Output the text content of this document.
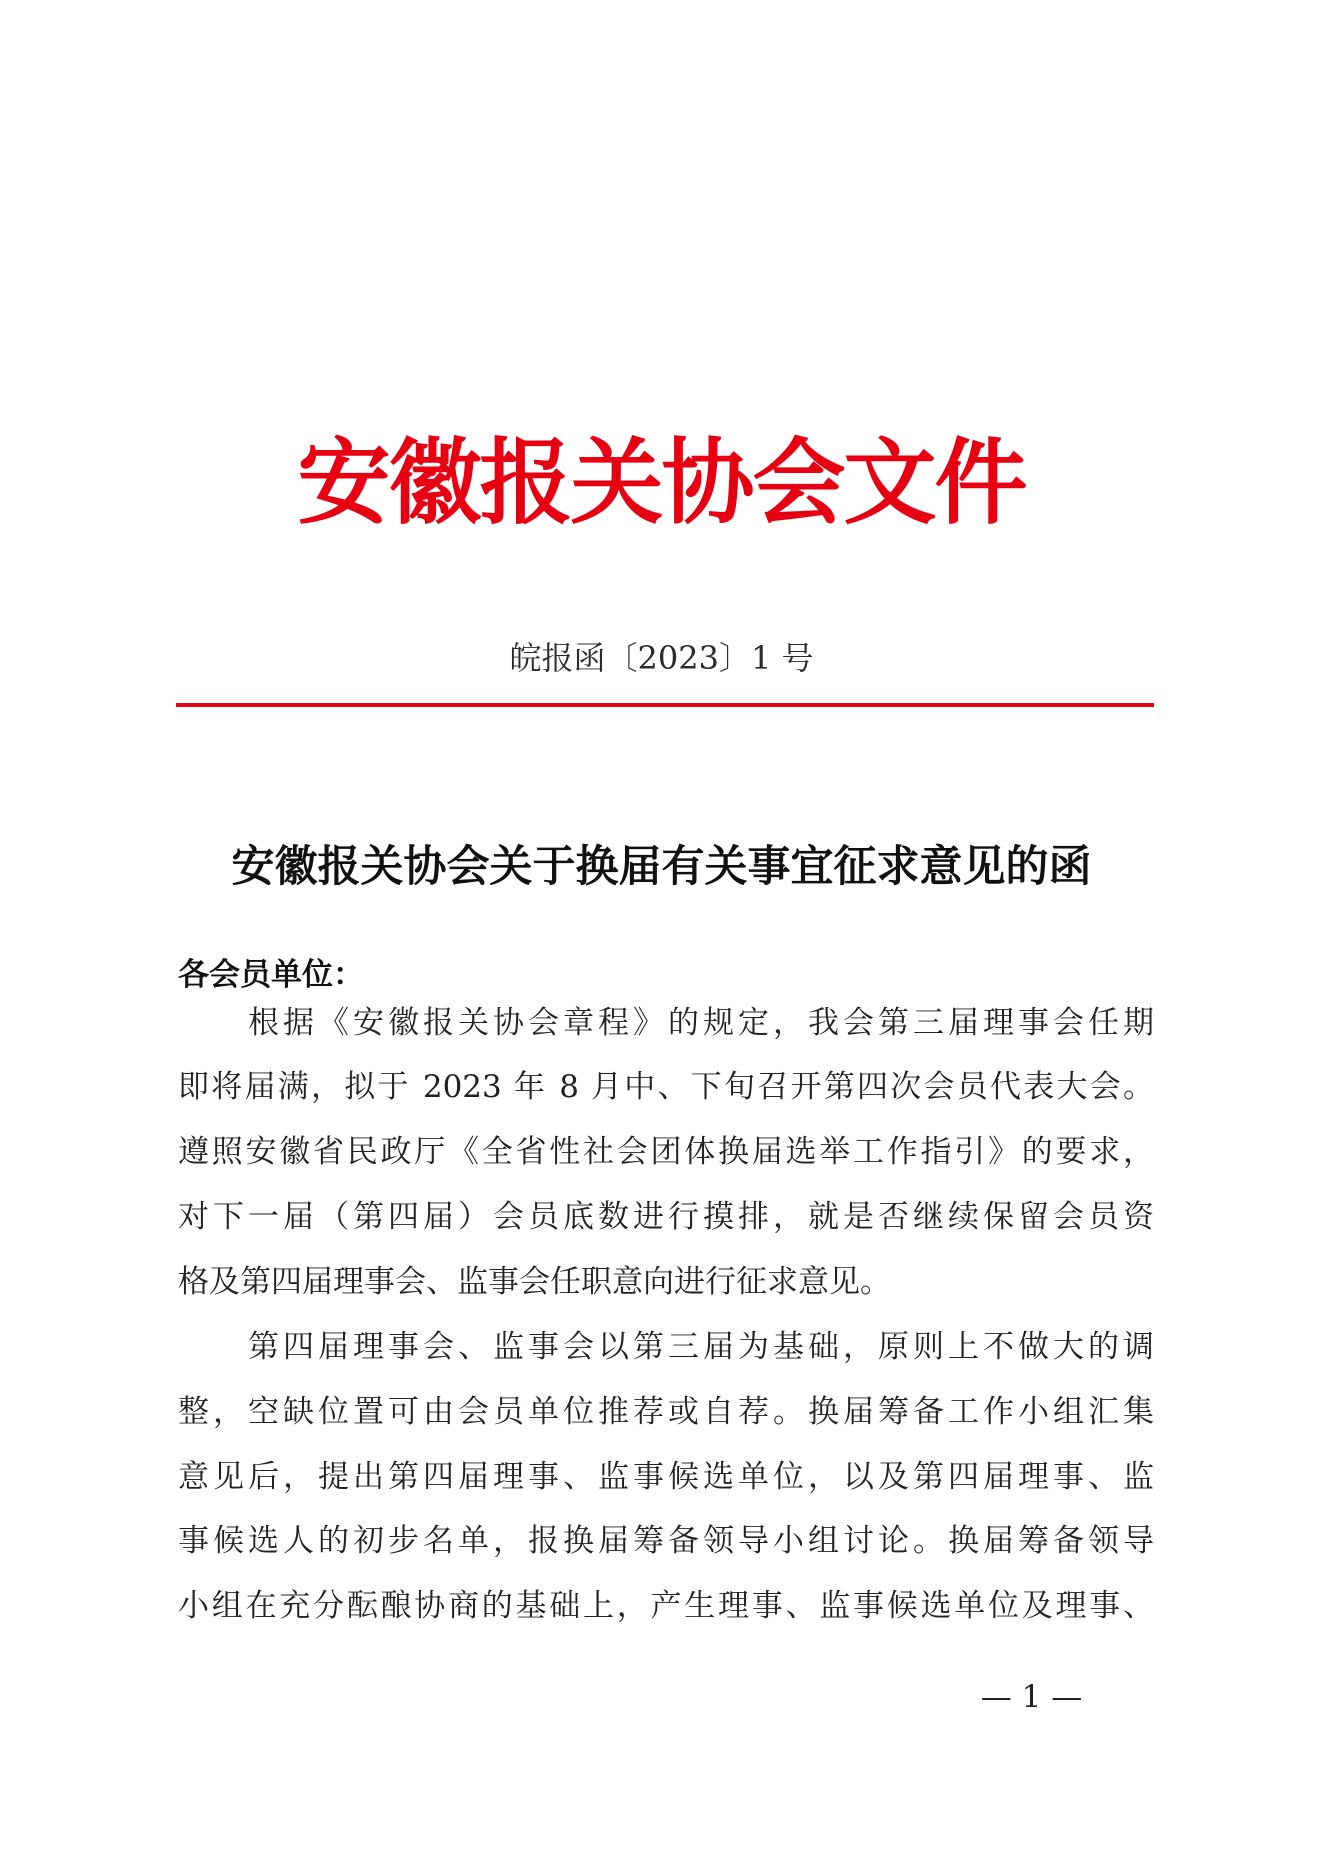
安徽报关协会文件
皖报函〔2023〕1 号
安徽报关协会关于换届有关事宜征求意见的函
各会员单位：
根据《安徽报关协会章程》的规定，我会第三届理事会任期
即将届满，拟于 2023 年 8 月中、下旬召开第四次会员代表大会。
遵照安徽省民政厅《全省性社会团体换届选举工作指引》的要求，
对下一届（第四届）会员底数进行摸排，就是否继续保留会员资
格及第四届理事会、监事会任职意向进行征求意见。
第四届理事会、监事会以第三届为基础，原则上不做大的调
整，空缺位置可由会员单位推荐或自荐。换届筹备工作小组汇集
意见后，提出第四届理事、监事候选单位，以及第四届理事、监
事候选人的初步名单，报换届筹备领导小组讨论。换届筹备领导
小组在充分酝酿协商的基础上，产生理事、监事候选单位及理事、
— 1 —
